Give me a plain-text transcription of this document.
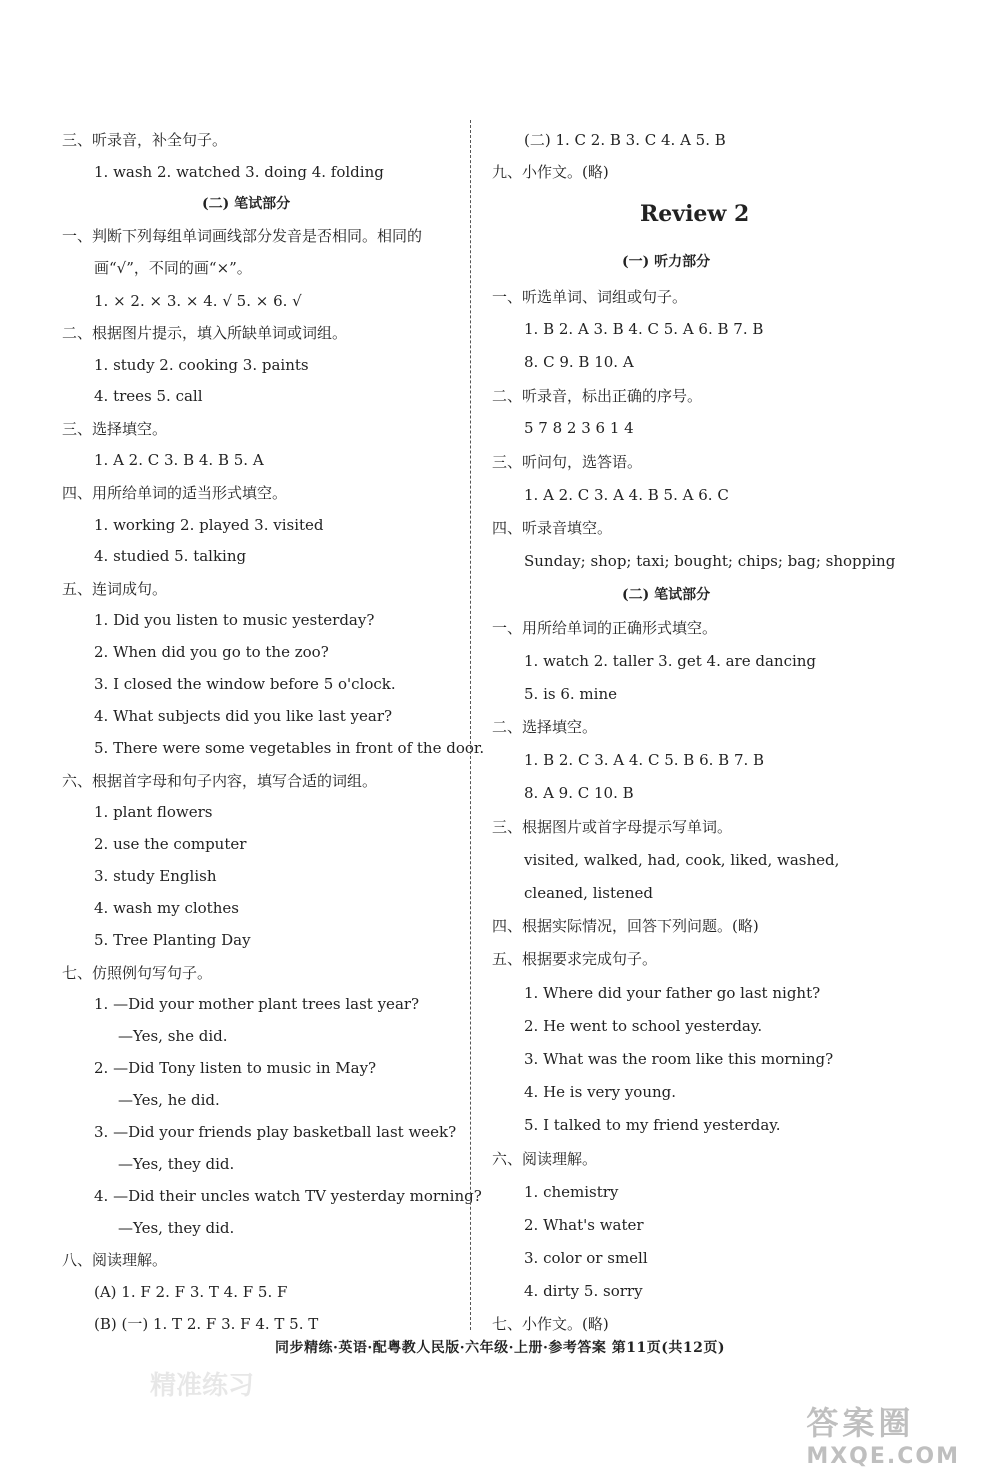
三、听录音，补全句子。
1. wash 2. watched 3. doing 4. folding
(二) 笔试部分
一、判断下列每组单词画线部分发音是否相同。相同的
画“√”，不同的画“×”。
1. × 2. × 3. × 4. √ 5. × 6. √
二、根据图片提示，填入所缺单词或词组。
1. study 2. cooking 3. paints
4. trees 5. call
三、选择填空。
1. A 2. C 3. B 4. B 5. A
四、用所给单词的适当形式填空。
1. working 2. played 3. visited
4. studied 5. talking
五、连词成句。
1. Did you listen to music yesterday?
2. When did you go to the zoo?
3. I closed the window before 5 o'clock.
4. What subjects did you like last year?
5. There were some vegetables in front of the door.
六、根据首字母和句子内容，填写合适的词组。
1. plant flowers
2. use the computer
3. study English
4. wash my clothes
5. Tree Planting Day
七、仿照例句写句子。
1. —Did your mother plant trees last year?
—Yes, she did.
2. —Did Tony listen to music in May?
—Yes, he did.
3. —Did your friends play basketball last week?
—Yes, they did.
4. —Did their uncles watch TV yesterday morning?
—Yes, they did.
八、阅读理解。
(A) 1. F 2. F 3. T 4. F 5. F
(B) (一) 1. T 2. F 3. F 4. T 5. T
(二) 1. C 2. B 3. C 4. A 5. B
九、小作文。(略)
Review 2
(一) 听力部分
一、听选单词、词组或句子。
1. B 2. A 3. B 4. C 5. A 6. B 7. B
8. C 9. B 10. A
二、听录音，标出正确的序号。
5 7 8 2 3 6 1 4
三、听问句，选答语。
1. A 2. C 3. A 4. B 5. A 6. C
四、听录音填空。
Sunday; shop; taxi; bought; chips; bag; shopping
(二) 笔试部分
一、用所给单词的正确形式填空。
1. watch 2. taller 3. get 4. are dancing
5. is 6. mine
二、选择填空。
1. B 2. C 3. A 4. C 5. B 6. B 7. B
8. A 9. C 10. B
三、根据图片或首字母提示写单词。
visited, walked, had, cook, liked, washed,
cleaned, listened
四、根据实际情况，回答下列问题。(略)
五、根据要求完成句子。
1. Where did your father go last night?
2. He went to school yesterday.
3. What was the room like this morning?
4. He is very young.
5. I talked to my friend yesterday.
六、阅读理解。
1. chemistry
2. What's water
3. color or smell
4. dirty 5. sorry
七、小作文。(略)
同步精练·英语·配粤教人民版·六年级·上册·参考答案 第11页(共12页)
精准练习
答案圈
MXQE.COM
